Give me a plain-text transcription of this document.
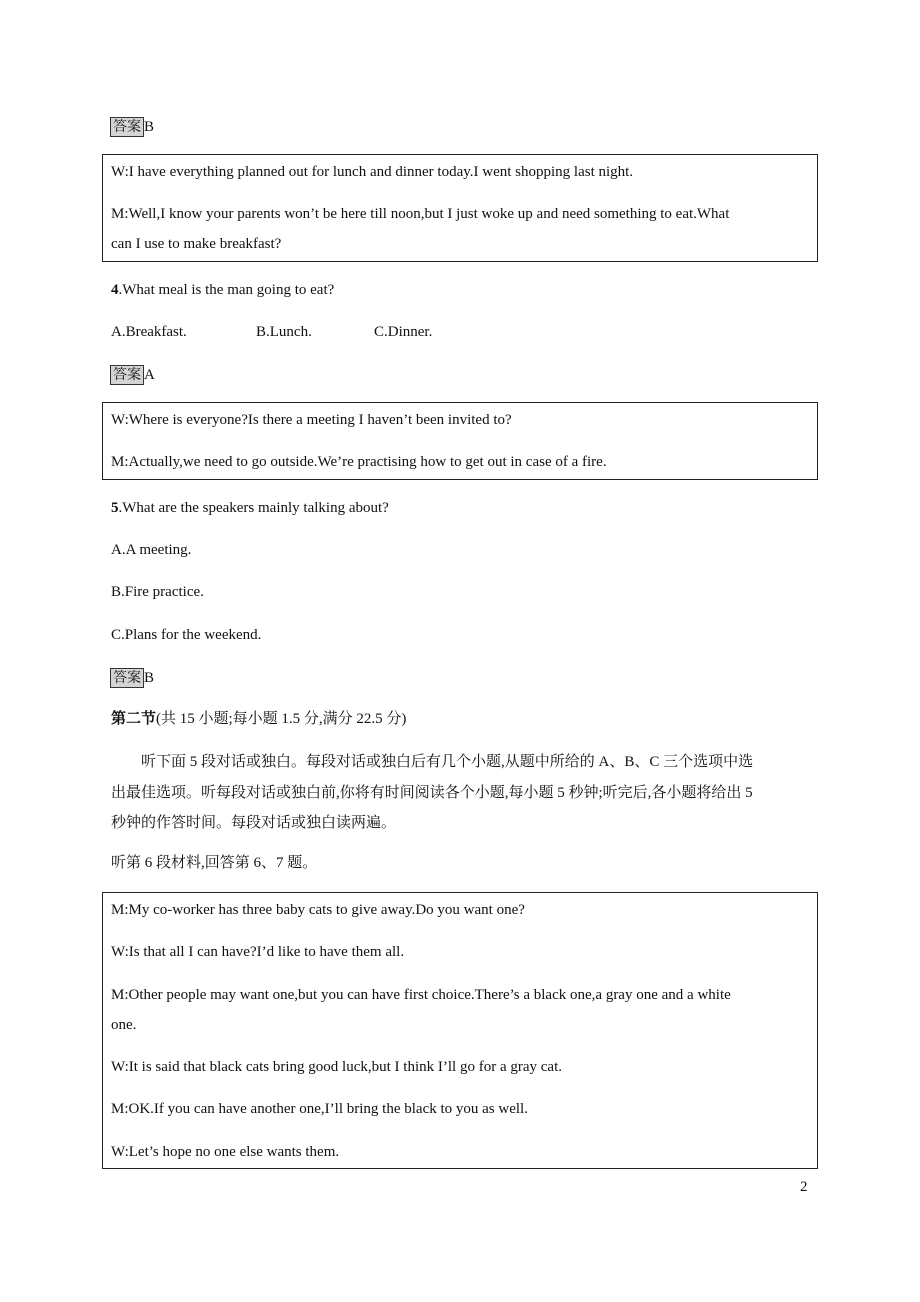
答案 B
W:I have everything planned out for lunch and dinner today.I went shopping last night.
M:Well,I know your parents won’t be here till noon,but I just woke up and need something to eat.What
can I use to make breakfast?
4.What meal is the man going to eat?
A.Breakfast.	B.Lunch.	C.Dinner.
答案 A
W:Where is everyone?Is there a meeting I haven’t been invited to?
M:Actually,we need to go outside.We’re practising how to get out in case of a fire.
5.What are the speakers mainly talking about?
A.A meeting.
B.Fire practice.
C.Plans for the weekend.
答案 B
第二节(共 15 小题;每小题 1.5 分,满分 22.5 分)
听下面 5 段对话或独白。每段对话或独白后有几个小题,从题中所给的 A、B、C 三个选项中选
出最佳选项。听每段对话或独白前,你将有时间阅读各个小题,每小题 5 秒钟;听完后,各小题将给出 5
秒钟的作答时间。每段对话或独白读两遍。
听第 6 段材料,回答第 6、7 题。
M:My co-worker has three baby cats to give away.Do you want one?
W:Is that all I can have?I’d like to have them all.
M:Other people may want one,but you can have first choice.There’s a black one,a gray one and a white
one.
W:It is said that black cats bring good luck,but I think I’ll go for a gray cat.
M:OK.If you can have another one,I’ll bring the black to you as well.
W:Let’s hope no one else wants them.
2
